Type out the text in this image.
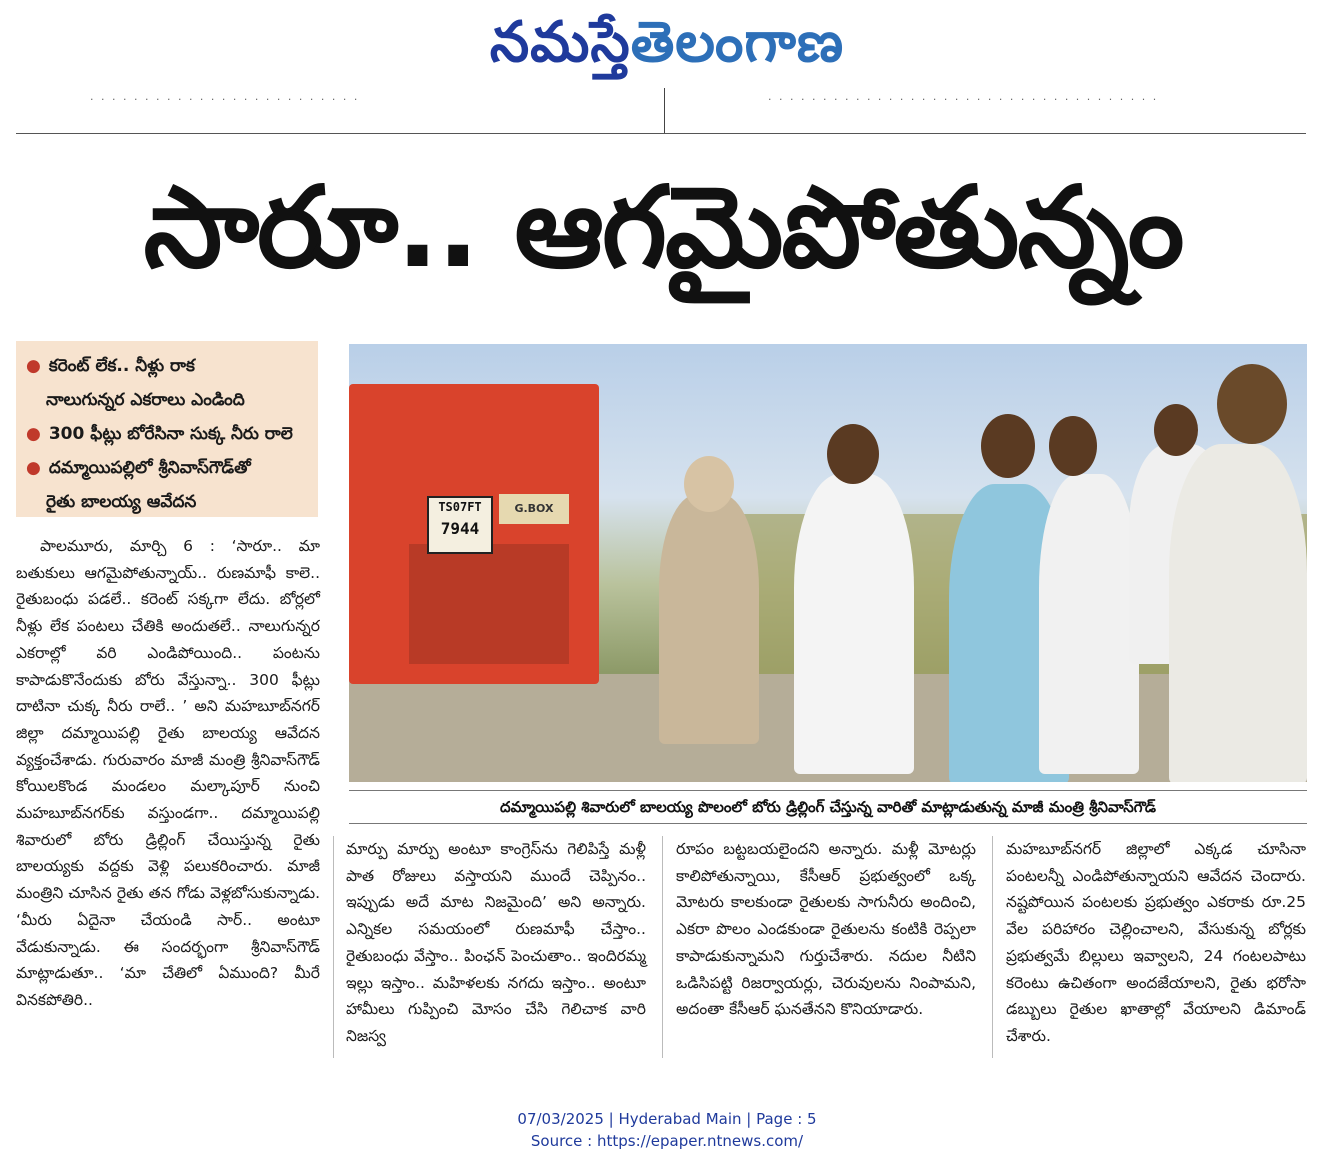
నమస్తేతెలంగాణ
. . . . . . . . . . . . . . . . . . . . . . . . .	. . . . . . . . . . . . . . . . . . . . . . . . . . . . . . . . . . . .
సారూ.. ఆగమైపోతున్నం
● కరెంట్ లేక.. నీళ్లు రాక
నాలుగున్నర ఎకరాలు ఎండింది
● 300 ఫీట్లు బోరేసినా సుక్క నీరు రాలె
● దమ్మాయిపల్లిలో శ్రీనివాస్‌గౌడ్‌తో
రైతు బాలయ్య ఆవేదన	TS07FT
7944
G.BOX
దమ్మాయిపల్లి శివారులో బాలయ్య పొలంలో బోరు డ్రిల్లింగ్ చేస్తున్న వారితో మాట్లాడుతున్న మాజీ మంత్రి శ్రీనివాస్‌గౌడ్

పాలమూరు, మార్చి 6 : ‘సారూ.. మా బతుకులు ఆగమైపోతున్నాయ్.. రుణమాఫీ కాలె.. రైతుబంధు పడలే.. కరెంట్ సక్కగా లేదు. బోర్లలో నీళ్లు లేక పంటలు చేతికి అందుతలే.. నాలుగున్నర ఎకరాల్లో వరి ఎండిపోయింది.. పంటను కాపాడుకొనేందుకు బోరు వేస్తున్నా.. 300 ఫీట్లు దాటినా చుక్క నీరు రాలే.. ’ అని మహబూబ్‌నగర్ జిల్లా దమ్మాయిపల్లి రైతు బాలయ్య ఆవేదన వ్యక్తంచేశాడు. గురువారం మాజీ మంత్రి శ్రీనివాస్‌గౌడ్ కోయిలకొండ మండలం మల్కాపూర్ నుంచి మహబూబ్‌నగర్‌కు వస్తుండగా.. దమ్మాయిపల్లి శివారులో బోరు డ్రిల్లింగ్ చేయిస్తున్న రైతు బాలయ్యకు వద్దకు వెళ్లి పలుకరించారు. మాజీ మంత్రిని చూసిన రైతు తన గోడు వెళ్లబోసుకున్నాడు. ‘మీరు ఏదైనా చేయండి సార్.. అంటూ వేడుకున్నాడు. ఈ సందర్భంగా శ్రీనివాస్‌గౌడ్ మాట్లాడుతూ.. ‘మా చేతిలో ఏముంది? మీరే వినకపోతిరి..

మార్పు మార్పు అంటూ కాంగ్రెస్‌ను గెలిపిస్తే మళ్లీ పాత రోజులు వస్తాయని ముందే చెప్పినం.. ఇప్పుడు అదే మాట నిజమైంది’ అని అన్నారు. ఎన్నికల సమయంలో రుణమాఫీ చేస్తాం.. రైతుబంధు వేస్తాం.. పింఛన్ పెంచుతాం.. ఇందిరమ్మ ఇల్లు ఇస్తాం.. మహిళలకు నగదు ఇస్తాం.. అంటూ హామీలు గుప్పించి మోసం చేసి గెలిచాక వారి నిజస్వ

రూపం బట్టబయలైందని అన్నారు. మళ్లీ మోటర్లు కాలిపోతున్నాయి, కేసీఆర్ ప్రభుత్వంలో ఒక్క మోటరు కాలకుండా రైతులకు సాగునీరు అందించి, ఎకరా పొలం ఎండకుండా రైతులను కంటికి రెప్పలా కాపాడుకున్నామని గుర్తుచేశారు. నదుల నీటిని ఒడిసిపట్టి రిజర్వాయర్లు, చెరువులను నింపామని, అదంతా కేసీఆర్ ఘనతేనని కొనియాడారు.

మహబూబ్‌నగర్ జిల్లాలో ఎక్కడ చూసినా పంటలన్నీ ఎండిపోతున్నాయని ఆవేదన చెందారు. నష్టపోయిన పంటలకు ప్రభుత్వం ఎకరాకు రూ.25 వేల పరిహారం చెల్లించాలని, వేసుకున్న బోర్లకు ప్రభుత్వమే బిల్లులు ఇవ్వాలని, 24 గంటలపాటు కరెంటు ఉచితంగా అందజేయాలని, రైతు భరోసా డబ్బులు రైతుల ఖాతాల్లో వేయాలని డిమాండ్ చేశారు.

07/03/2025 | Hyderabad Main | Page : 5
Source : https://epaper.ntnews.com/
